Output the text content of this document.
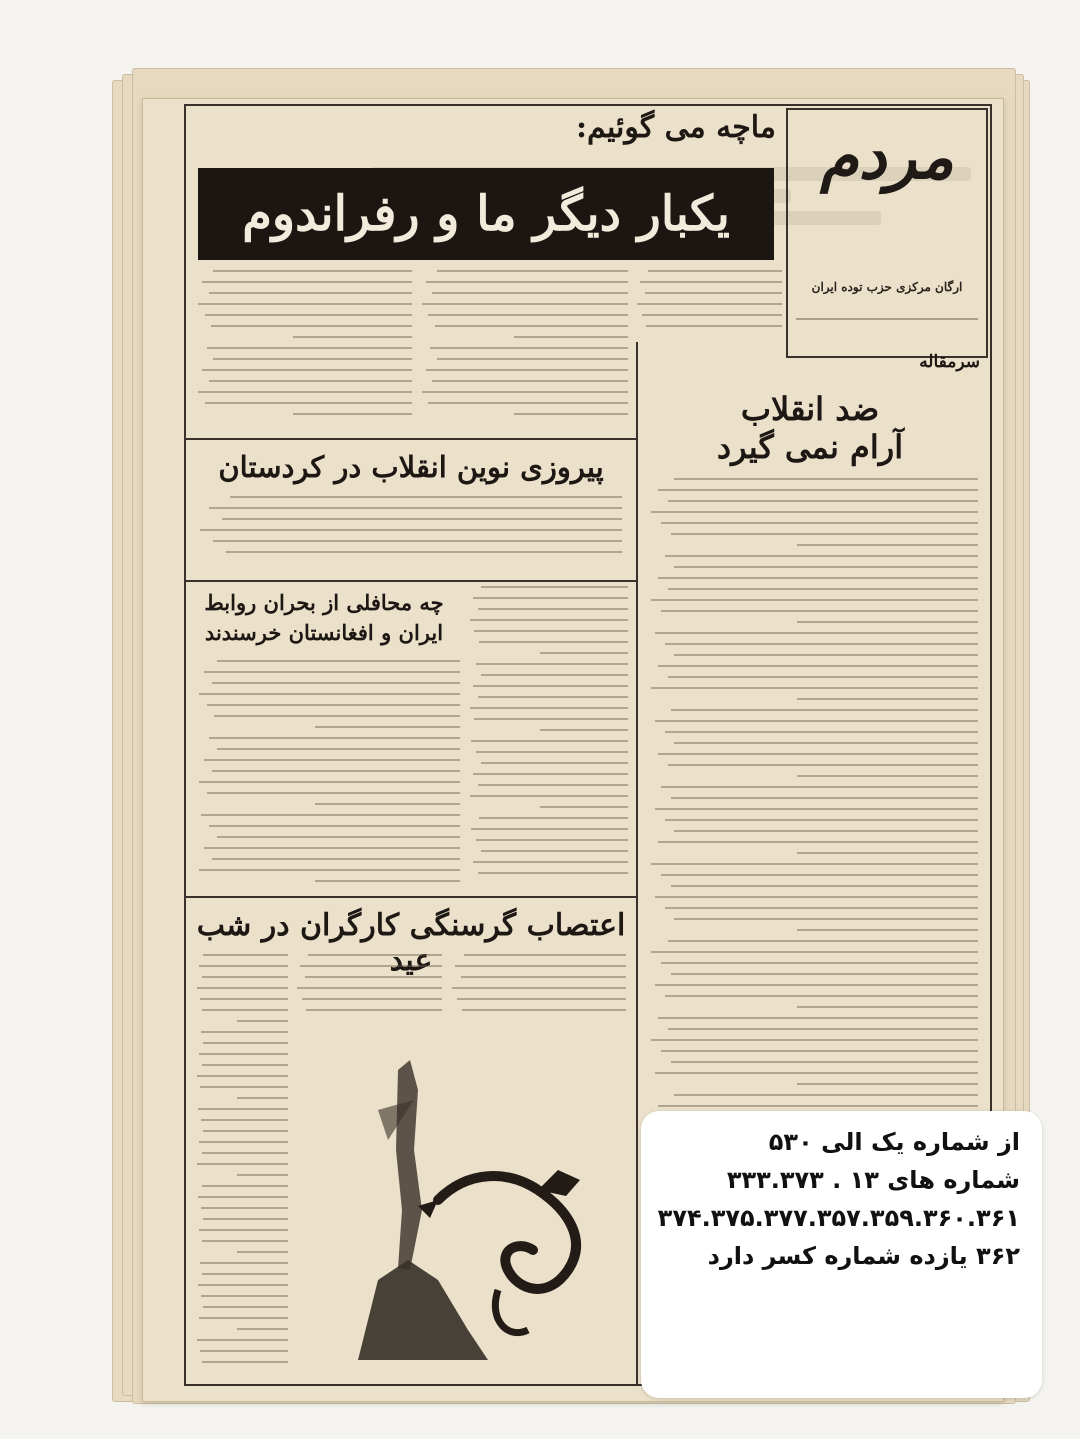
مردم
ارگان مرکزی حزب توده ایران
ماچه می گوئیم:
یکبار دیگر ما و رفراندوم
سرمقاله
ضد انقلاب
آرام نمی گیرد
پیروزی نوین انقلاب در کردستان
چه محافلی از بحران روابط
ایران و افغانستان خرسندند
اعتصاب گرسنگی کارگران در شب عید

از شماره یک الی ۵۳۰

شماره های ۱۳ . ۳۳۳.۳۷۳

۳۷۴.۳۷۵.۳۷۷.۳۵۷.۳۵۹.۳۶۰.۳۶۱

۳۶۲ یازده شماره کسر دارد
